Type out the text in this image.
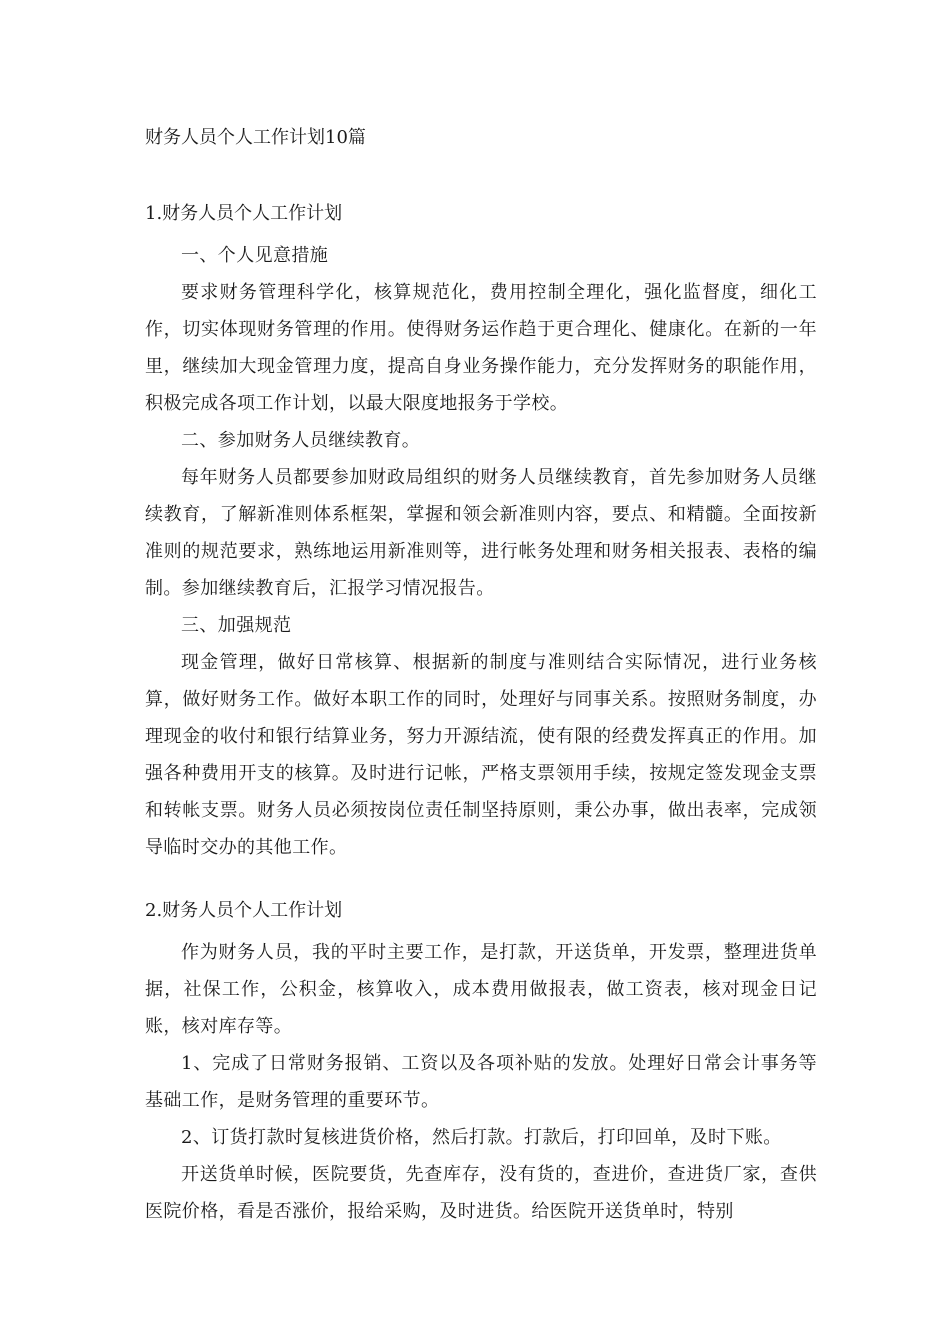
财务人员个人工作计划10篇
1.财务人员个人工作计划

一、个人见意措施

要求财务管理科学化，核算规范化，费用控制全理化，强化监督度，细化工作，切实体现财务管理的作用。使得财务运作趋于更合理化、健康化。在新的一年里，继续加大现金管理力度，提高自身业务操作能力，充分发挥财务的职能作用，积极完成各项工作计划，以最大限度地报务于学校。

二、参加财务人员继续教育。

每年财务人员都要参加财政局组织的财务人员继续教育，首先参加财务人员继续教育，了解新准则体系框架，掌握和领会新准则内容，要点、和精髓。全面按新准则的规范要求，熟练地运用新准则等，进行帐务处理和财务相关报表、表格的编制。参加继续教育后，汇报学习情况报告。

三、加强规范

现金管理，做好日常核算、根据新的制度与准则结合实际情况，进行业务核算，做好财务工作。做好本职工作的同时，处理好与同事关系。按照财务制度，办理现金的收付和银行结算业务，努力开源结流，使有限的经费发挥真正的作用。加强各种费用开支的核算。及时进行记帐，严格支票领用手续，按规定签发现金支票和转帐支票。财务人员必须按岗位责任制坚持原则，秉公办事，做出表率，完成领导临时交办的其他工作。

2.财务人员个人工作计划

作为财务人员，我的平时主要工作，是打款，开送货单，开发票，整理进货单据，社保工作，公积金，核算收入，成本费用做报表，做工资表，核对现金日记账，核对库存等。

1、完成了日常财务报销、工资以及各项补贴的发放。处理好日常会计事务等基础工作，是财务管理的重要环节。

2、订货打款时复核进货价格，然后打款。打款后，打印回单，及时下账。

开送货单时候，医院要货，先查库存，没有货的，查进价，查进货厂家，查供医院价格，看是否涨价，报给采购，及时进货。给医院开送货单时，特别
